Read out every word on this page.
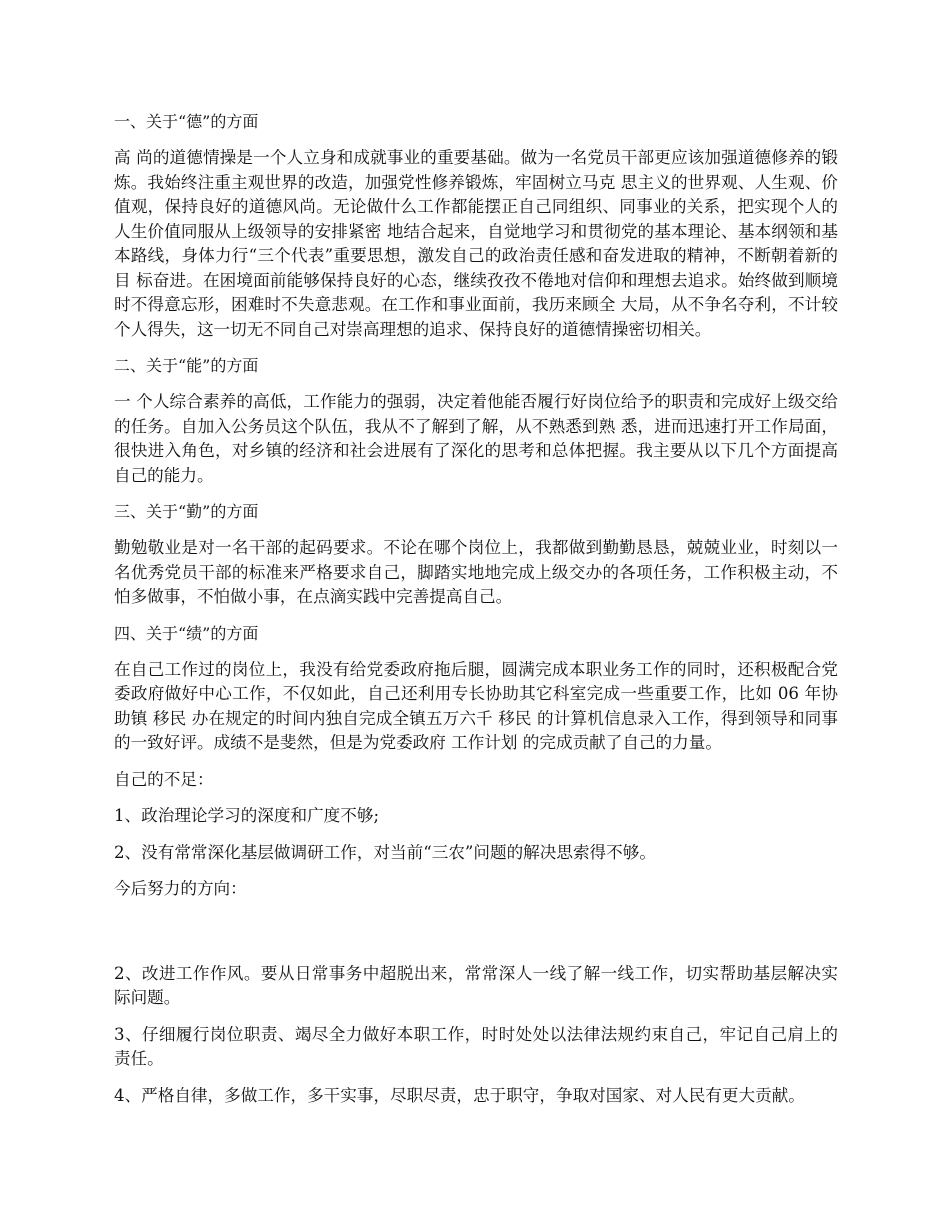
一、关于“德”的方面
高 尚的道德情操是一个人立身和成就事业的重要基础。做为一名党员干部更应该加强道德修养的锻炼。我始终注重主观世界的改造，加强党性修养锻炼，牢固树立马克 思主义的世界观、人生观、价值观，保持良好的道德风尚。无论做什么工作都能摆正自己同组织、同事业的关系，把实现个人的人生价值同服从上级领导的安排紧密 地结合起来，自觉地学习和贯彻党的基本理论、基本纲领和基本路线，身体力行“三个代表”重要思想，激发自己的政治责任感和奋发进取的精神，不断朝着新的目 标奋进。在困境面前能够保持良好的心态，继续孜孜不倦地对信仰和理想去追求。始终做到顺境时不得意忘形，困难时不失意悲观。在工作和事业面前，我历来顾全 大局，从不争名夺利，不计较个人得失，这一切无不同自己对崇高理想的追求、保持良好的道德情操密切相关。
二、关于“能”的方面
一 个人综合素养的高低，工作能力的强弱，决定着他能否履行好岗位给予的职责和完成好上级交给的任务。自加入公务员这个队伍，我从不了解到了解，从不熟悉到熟 悉，进而迅速打开工作局面，很快进入角色，对乡镇的经济和社会进展有了深化的思考和总体把握。我主要从以下几个方面提高自己的能力。
三、关于“勤”的方面
勤勉敬业是对一名干部的起码要求。不论在哪个岗位上，我都做到勤勤恳恳，兢兢业业，时刻以一名优秀党员干部的标准来严格要求自己，脚踏实地地完成上级交办的各项任务，工作积极主动，不怕多做事，不怕做小事，在点滴实践中完善提高自己。
四、关于“绩”的方面
在自己工作过的岗位上，我没有给党委政府拖后腿，圆满完成本职业务工作的同时，还积极配合党委政府做好中心工作，不仅如此，自己还利用专长协助其它科室完成一些重要工作，比如 06 年协助镇 移民 办在规定的时间内独自完成全镇五万六千 移民 的计算机信息录入工作，得到领导和同事的一致好评。成绩不是斐然，但是为党委政府 工作计划 的完成贡献了自己的力量。
自己的不足：
1、政治理论学习的深度和广度不够;
2、没有常常深化基层做调研工作，对当前“三农”问题的解决思索得不够。
今后努力的方向：
2、改进工作作风。要从日常事务中超脱出来，常常深人一线了解一线工作，切实帮助基层解决实际问题。
3、仔细履行岗位职责、竭尽全力做好本职工作，时时处处以法律法规约束自己，牢记自己肩上的责任。
4、严格自律，多做工作，多干实事，尽职尽责，忠于职守，争取对国家、对人民有更大贡献。
